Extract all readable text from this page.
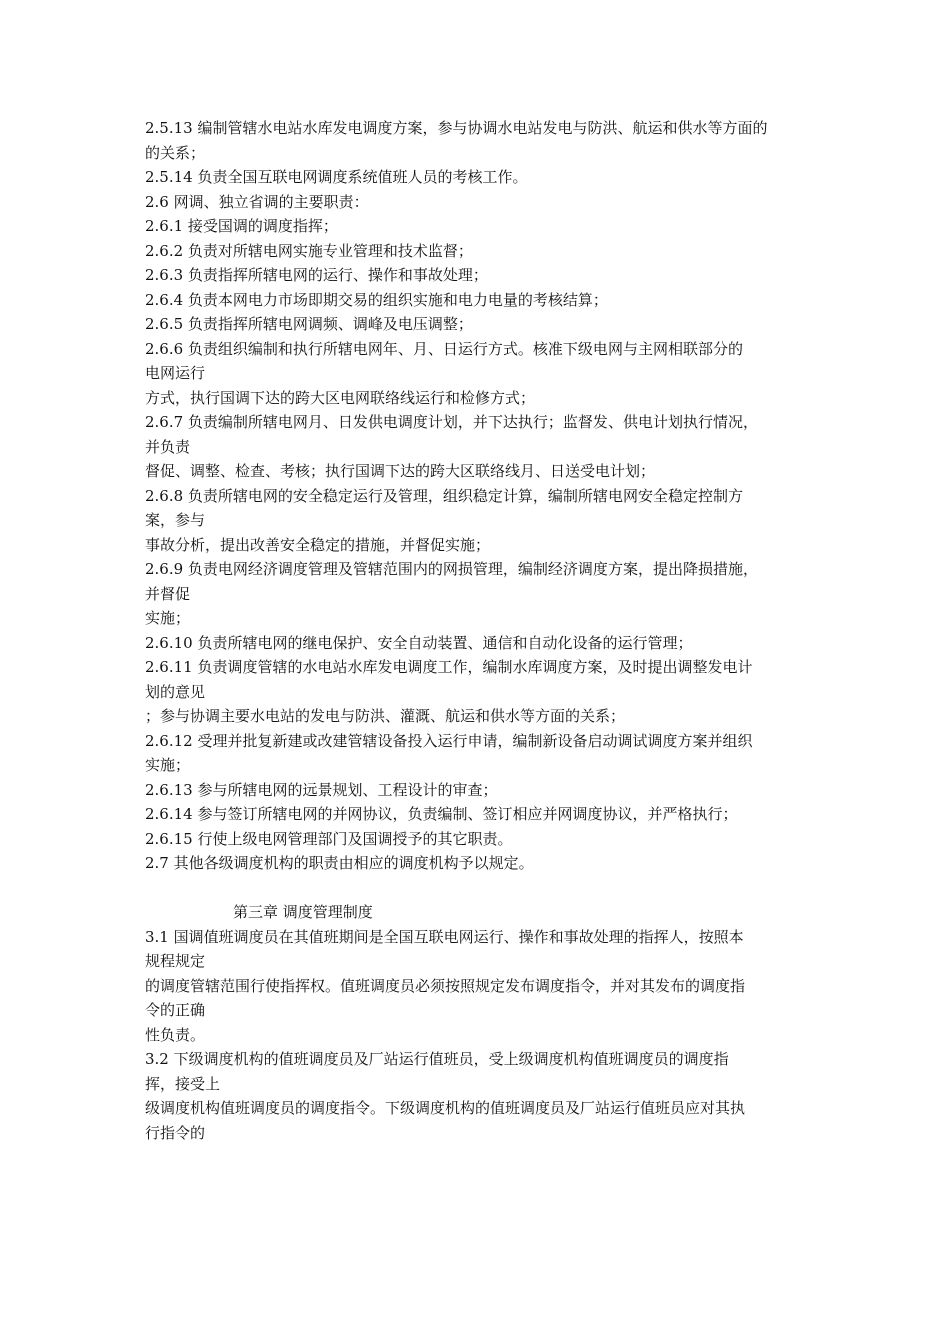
2.5.13 编制管辖水电站水库发电调度方案，参与协调水电站发电与防洪、航运和供水等方面的
的关系；
2.5.14 负责全国互联电网调度系统值班人员的考核工作。
2.6 网调、独立省调的主要职责：
2.6.1 接受国调的调度指挥；
2.6.2 负责对所辖电网实施专业管理和技术监督；
2.6.3 负责指挥所辖电网的运行、操作和事故处理；
2.6.4 负责本网电力市场即期交易的组织实施和电力电量的考核结算；
2.6.5 负责指挥所辖电网调频、调峰及电压调整；
2.6.6 负责组织编制和执行所辖电网年、月、日运行方式。核准下级电网与主网相联部分的
电网运行
方式，执行国调下达的跨大区电网联络线运行和检修方式；
2.6.7 负责编制所辖电网月、日发供电调度计划，并下达执行；监督发、供电计划执行情况，
并负责
督促、调整、检查、考核；执行国调下达的跨大区联络线月、日送受电计划；
2.6.8 负责所辖电网的安全稳定运行及管理，组织稳定计算，编制所辖电网安全稳定控制方
案，参与
事故分析，提出改善安全稳定的措施，并督促实施；
2.6.9 负责电网经济调度管理及管辖范围内的网损管理，编制经济调度方案，提出降损措施，
并督促
实施；
2.6.10 负责所辖电网的继电保护、安全自动装置、通信和自动化设备的运行管理；
2.6.11 负责调度管辖的水电站水库发电调度工作，编制水库调度方案，及时提出调整发电计
划的意见
；参与协调主要水电站的发电与防洪、灌溉、航运和供水等方面的关系；
2.6.12 受理并批复新建或改建管辖设备投入运行申请，编制新设备启动调试调度方案并组织
实施；
2.6.13 参与所辖电网的远景规划、工程设计的审查；
2.6.14 参与签订所辖电网的并网协议，负责编制、签订相应并网调度协议，并严格执行；
2.6.15 行使上级电网管理部门及国调授予的其它职责。
2.7 其他各级调度机构的职责由相应的调度机构予以规定。
第三章 调度管理制度
3.1 国调值班调度员在其值班期间是全国互联电网运行、操作和事故处理的指挥人，按照本
规程规定
的调度管辖范围行使指挥权。值班调度员必须按照规定发布调度指令，并对其发布的调度指
令的正确
性负责。
3.2 下级调度机构的值班调度员及厂站运行值班员，受上级调度机构值班调度员的调度指
挥，接受上
级调度机构值班调度员的调度指令。下级调度机构的值班调度员及厂站运行值班员应对其执
行指令的
